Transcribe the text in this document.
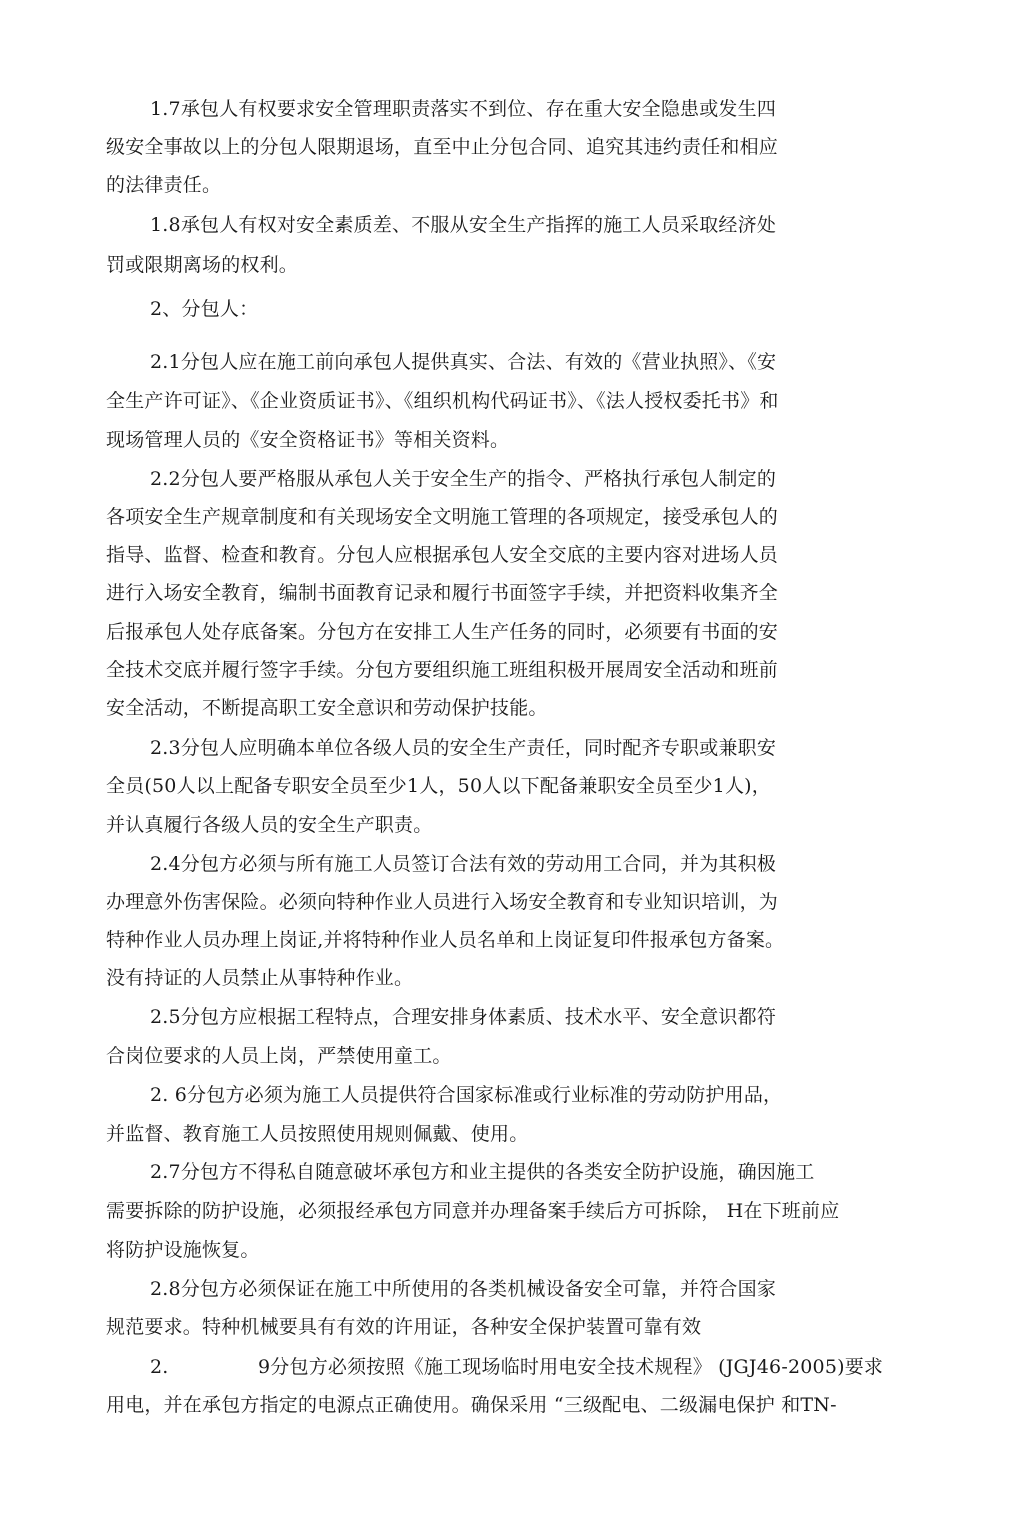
1.7承包人有权要求安全管理职责落实不到位、存在重大安全隐患或发生四
级安全事故以上的分包人限期退场，直至中止分包合同、追究其违约责任和相应
的法律责任。
1.8承包人有权对安全素质差、不服从安全生产指挥的施工人员采取经济处
罚或限期离场的权利。
2、分包人：
2.1分包人应在施工前向承包人提供真实、合法、有效的《营业执照》、《安
全生产许可证》、《企业资质证书》、《组织机构代码证书》、《法人授权委托书》和
现场管理人员的《安全资格证书》等相关资料。
2.2分包人要严格服从承包人关于安全生产的指令、严格执行承包人制定的
各项安全生产规章制度和有关现场安全文明施工管理的各项规定，接受承包人的
指导、监督、检查和教育。分包人应根据承包人安全交底的主要内容对进场人员
进行入场安全教育，编制书面教育记录和履行书面签字手续，并把资料收集齐全
后报承包人处存底备案。分包方在安排工人生产任务的同时，必须要有书面的安
全技术交底并履行签字手续。分包方要组织施工班组积极开展周安全活动和班前
安全活动，不断提高职工安全意识和劳动保护技能。
2.3分包人应明确本单位各级人员的安全生产责任，同时配齐专职或兼职安
全员(50人以上配备专职安全员至少1人，50人以下配备兼职安全员至少1人)，
并认真履行各级人员的安全生产职责。
2.4分包方必须与所有施工人员签订合法有效的劳动用工合同，并为其积极
办理意外伤害保险。必须向特种作业人员进行入场安全教育和专业知识培训，为
特种作业人员办理上岗证,并将特种作业人员名单和上岗证复印件报承包方备案。
没有持证的人员禁止从事特种作业。
2.5分包方应根据工程特点，合理安排身体素质、技术水平、安全意识都符
合岗位要求的人员上岗，严禁使用童工。
2. 6分包方必须为施工人员提供符合国家标准或行业标准的劳动防护用品，
并监督、教育施工人员按照使用规则佩戴、使用。
2.7分包方不得私自随意破坏承包方和业主提供的各类安全防护设施，确因施工
需要拆除的防护设施，必须报经承包方同意并办理备案手续后方可拆除， H在下班前应
将防护设施恢复。
2.8分包方必须保证在施工中所使用的各类机械设备安全可靠，并符合国家
规范要求。特种机械要具有有效的许用证，各种安全保护装置可靠有效
2.	9分包方必须按照《施工现场临时用电安全技术规程》 (JGJ46-2005)要求
用电，并在承包方指定的电源点正确使用。确保采用 “三级配电、二级漏电保护 和TN-
